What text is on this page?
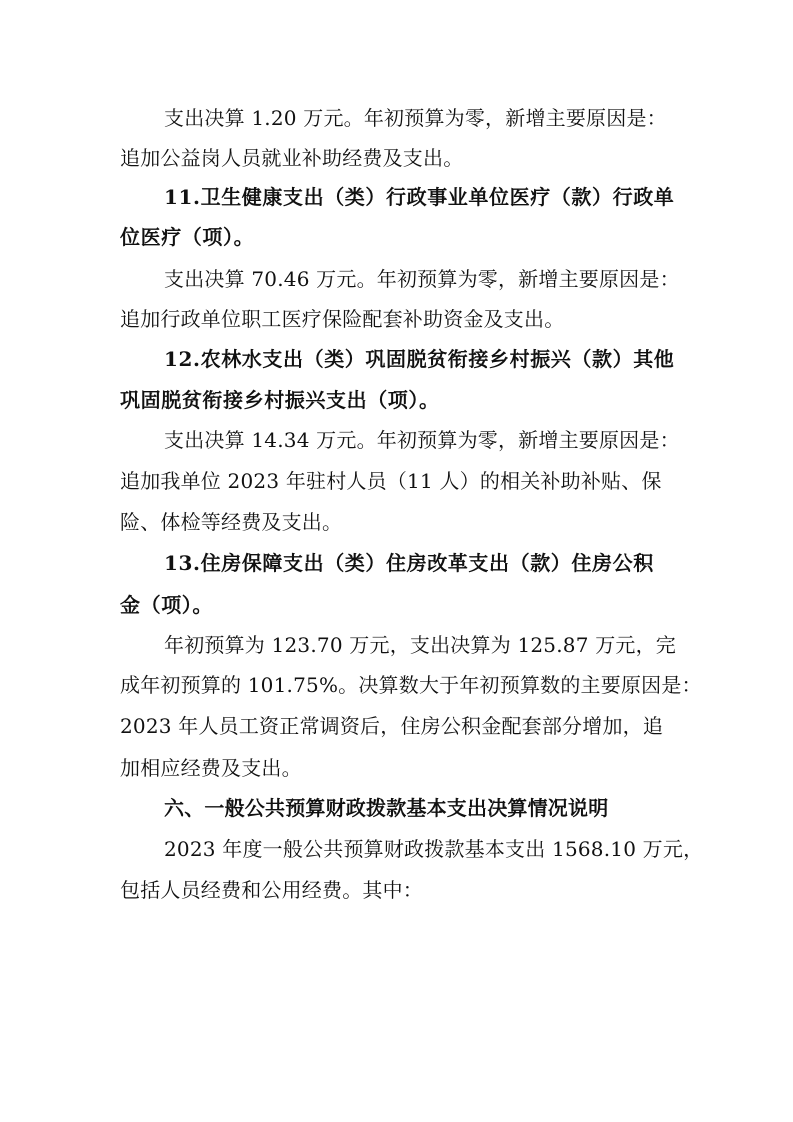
支出决算 1.20 万元。年初预算为零，新增主要原因是：
追加公益岗人员就业补助经费及支出。
11.卫生健康支出（类）行政事业单位医疗（款）行政单
位医疗（项）。
支出决算 70.46 万元。年初预算为零，新增主要原因是：
追加行政单位职工医疗保险配套补助资金及支出。
12.农林水支出（类）巩固脱贫衔接乡村振兴（款）其他
巩固脱贫衔接乡村振兴支出（项）。
支出决算 14.34 万元。年初预算为零，新增主要原因是：
追加我单位 2023 年驻村人员（11 人）的相关补助补贴、保
险、体检等经费及支出。
13.住房保障支出（类）住房改革支出（款）住房公积
金（项）。
年初预算为 123.70 万元，支出决算为 125.87 万元，完
成年初预算的 101.75%。决算数大于年初预算数的主要原因是：
2023 年人员工资正常调资后，住房公积金配套部分增加，追
加相应经费及支出。
六、一般公共预算财政拨款基本支出决算情况说明
2023 年度一般公共预算财政拨款基本支出 1568.10 万元，
包括人员经费和公用经费。其中：
